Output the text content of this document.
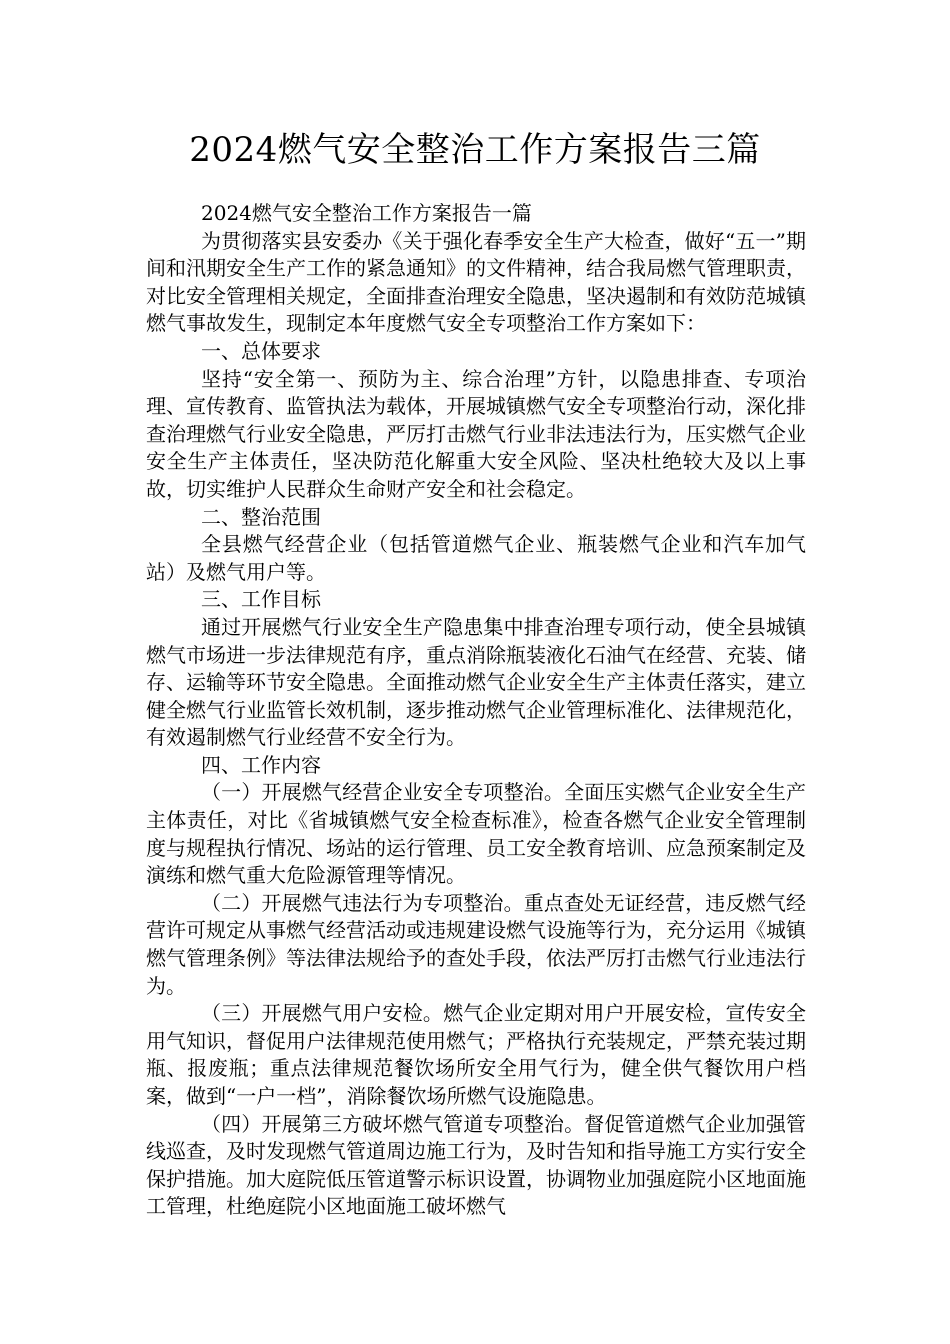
2024燃气安全整治工作方案报告三篇

2024燃气安全整治工作方案报告一篇

为贯彻落实县安委办《关于强化春季安全生产大检查，做好“五一”期间和汛期安全生产工作的紧急通知》的文件精神，结合我局燃气管理职责，对比安全管理相关规定，全面排查治理安全隐患，坚决遏制和有效防范城镇燃气事故发生，现制定本年度燃气安全专项整治工作方案如下：

一、总体要求

坚持“安全第一、预防为主、综合治理”方针，以隐患排查、专项治理、宣传教育、监管执法为载体，开展城镇燃气安全专项整治行动，深化排查治理燃气行业安全隐患，严厉打击燃气行业非法违法行为，压实燃气企业安全生产主体责任，坚决防范化解重大安全风险、坚决杜绝较大及以上事故，切实维护人民群众生命财产安全和社会稳定。

二、整治范围

全县燃气经营企业（包括管道燃气企业、瓶装燃气企业和汽车加气站）及燃气用户等。

三、工作目标

通过开展燃气行业安全生产隐患集中排查治理专项行动，使全县城镇燃气市场进一步法律规范有序，重点消除瓶装液化石油气在经营、充装、储存、运输等环节安全隐患。全面推动燃气企业安全生产主体责任落实，建立健全燃气行业监管长效机制，逐步推动燃气企业管理标准化、法律规范化，有效遏制燃气行业经营不安全行为。

四、工作内容

（一）开展燃气经营企业安全专项整治。全面压实燃气企业安全生产主体责任，对比《省城镇燃气安全检查标准》，检查各燃气企业安全管理制度与规程执行情况、场站的运行管理、员工安全教育培训、应急预案制定及演练和燃气重大危险源管理等情况。

（二）开展燃气违法行为专项整治。重点查处无证经营，违反燃气经营许可规定从事燃气经营活动或违规建设燃气设施等行为，充分运用《城镇燃气管理条例》等法律法规给予的查处手段，依法严厉打击燃气行业违法行为。

（三）开展燃气用户安检。燃气企业定期对用户开展安检，宣传安全用气知识，督促用户法律规范使用燃气；严格执行充装规定，严禁充装过期瓶、报废瓶；重点法律规范餐饮场所安全用气行为，健全供气餐饮用户档案，做到“一户一档”，消除餐饮场所燃气设施隐患。

（四）开展第三方破坏燃气管道专项整治。督促管道燃气企业加强管线巡查，及时发现燃气管道周边施工行为，及时告知和指导施工方实行安全保护措施。加大庭院低压管道警示标识设置，协调物业加强庭院小区地面施工管理，杜绝庭院小区地面施工破坏燃气
